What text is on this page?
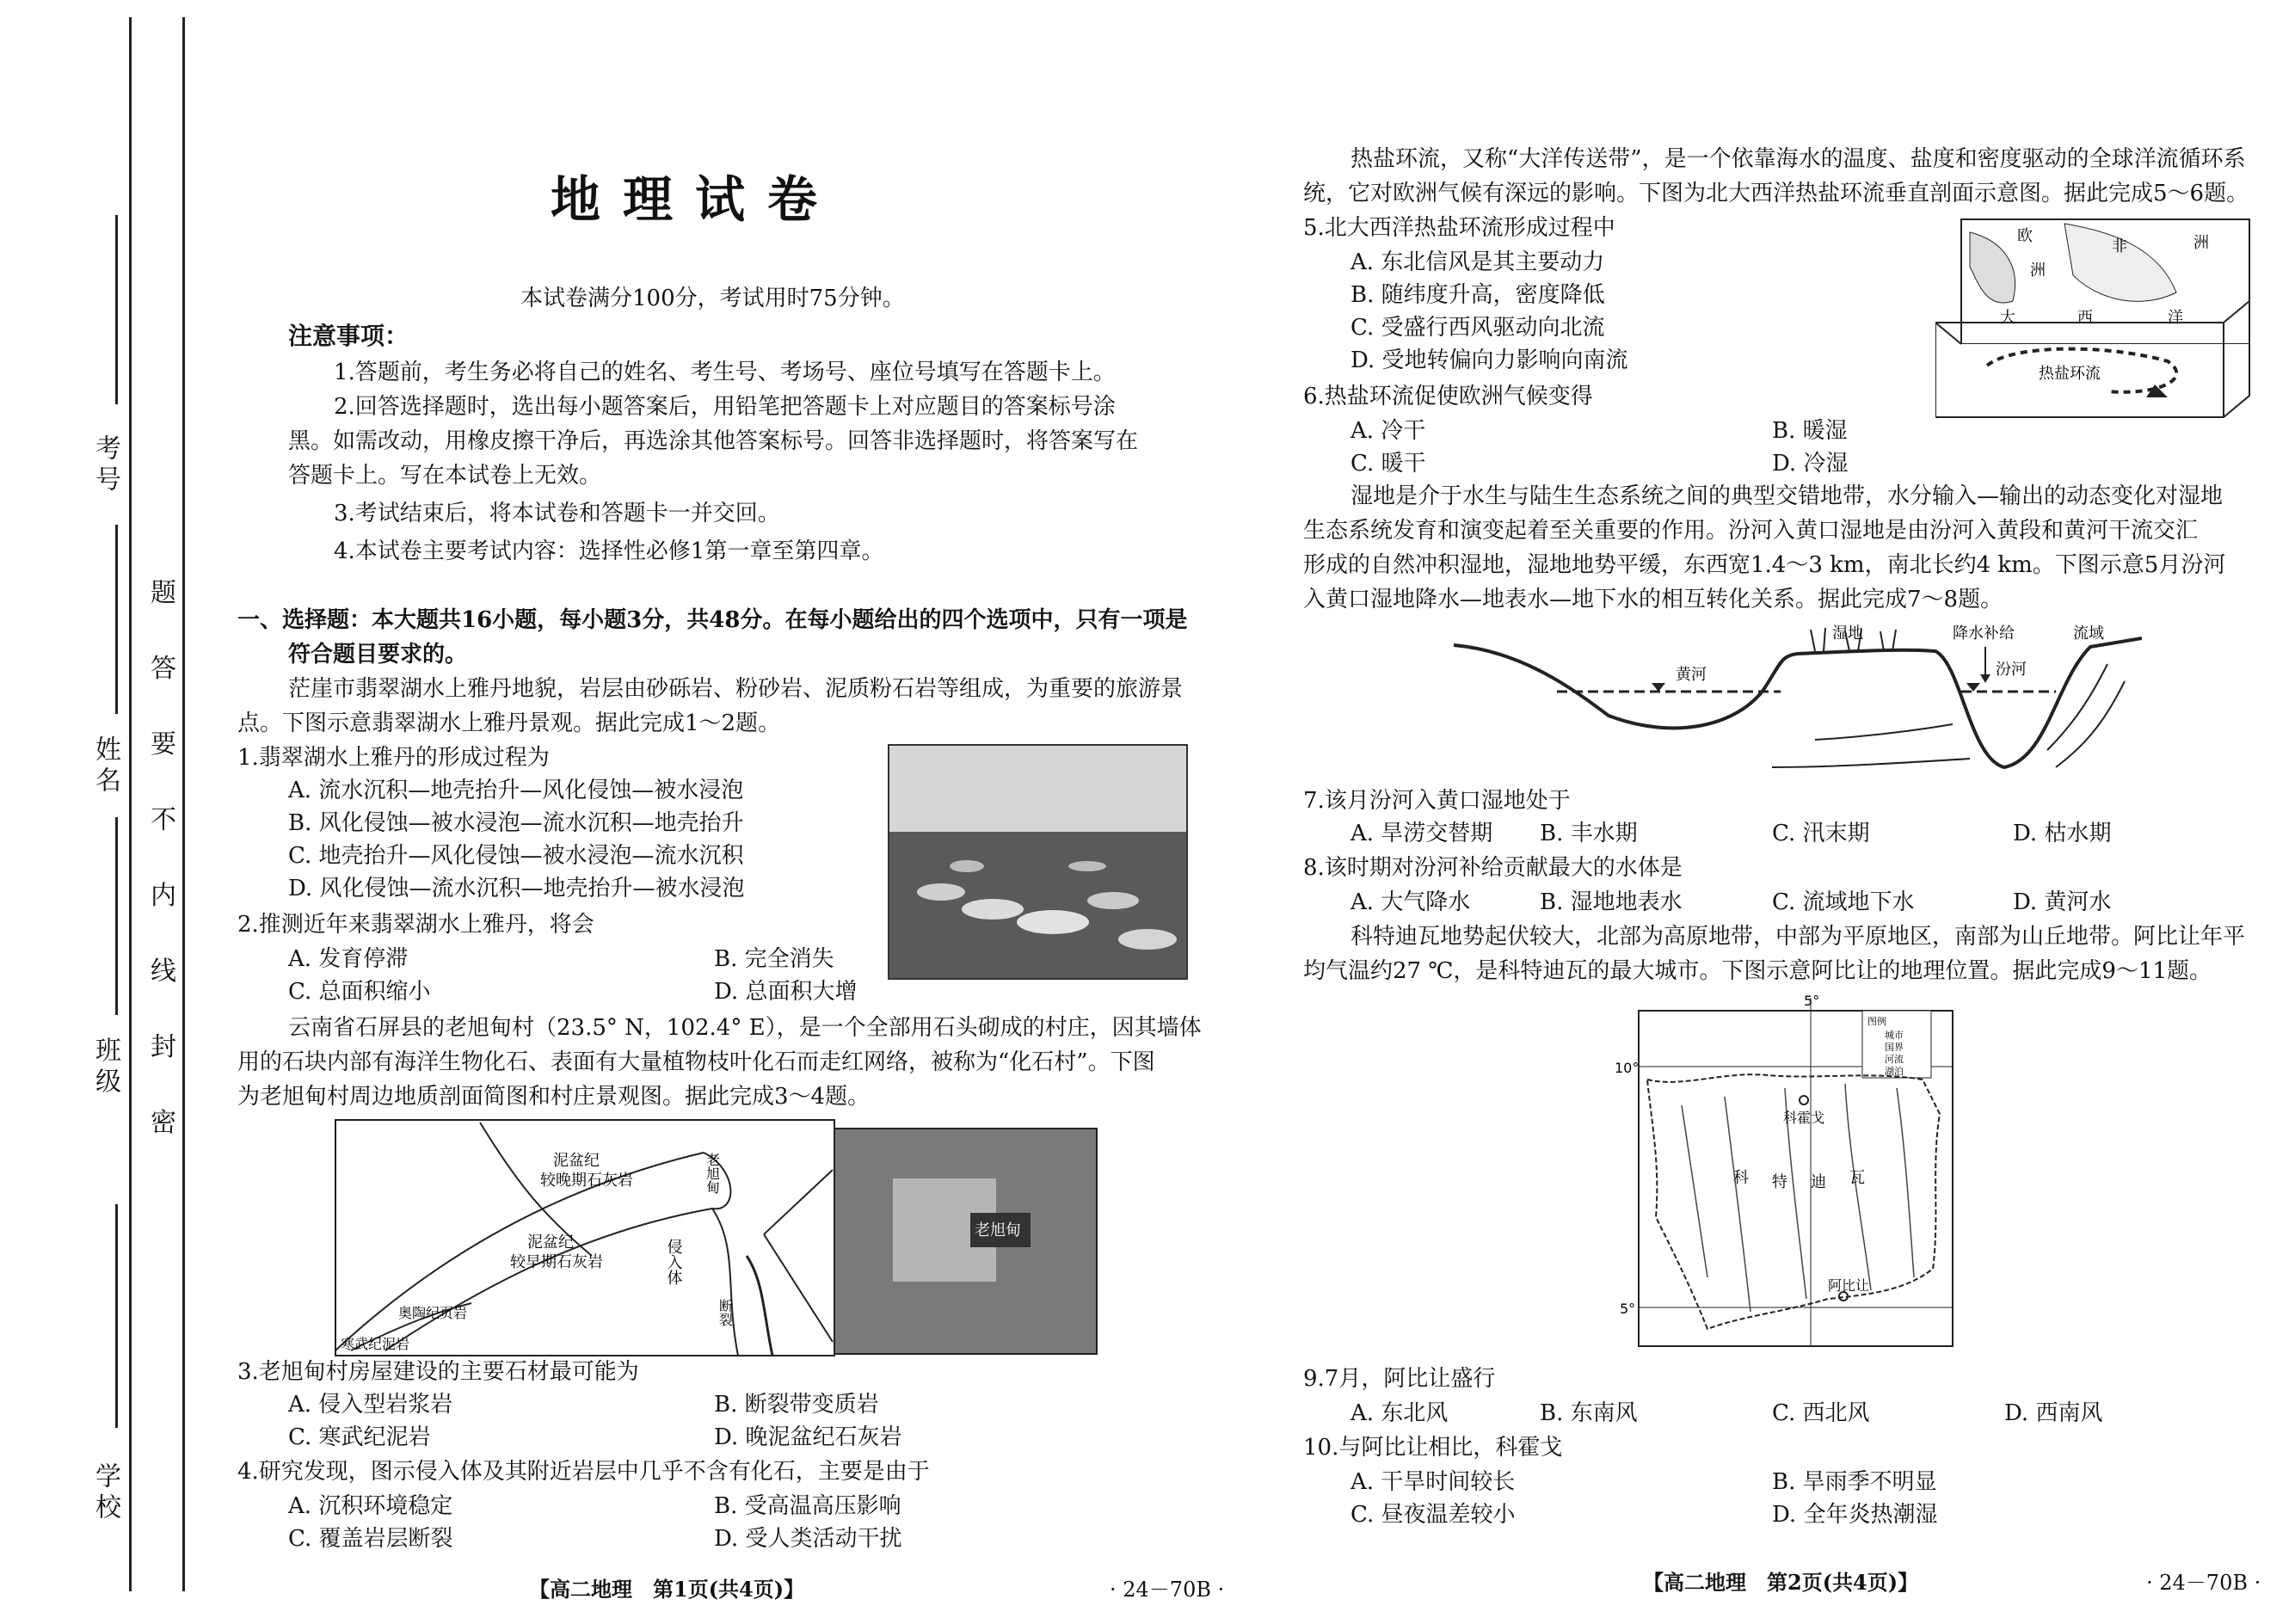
考号
姓名
班级
学校
题
答
要
不
内
线
封
密
地理试卷
本试卷满分100分，考试用时75分钟。
注意事项：
1.答题前，考生务必将自己的姓名、考生号、考场号、座位号填写在答题卡上。
2.回答选择题时，选出每小题答案后，用铅笔把答题卡上对应题目的答案标号涂
黑。如需改动，用橡皮擦干净后，再选涂其他答案标号。回答非选择题时，将答案写在
答题卡上。写在本试卷上无效。
3.考试结束后，将本试卷和答题卡一并交回。
4.本试卷主要考试内容：选择性必修1第一章至第四章。
一、选择题：本大题共16小题，每小题3分，共48分。在每小题给出的四个选项中，只有一项是
符合题目要求的。
茫崖市翡翠湖水上雅丹地貌，岩层由砂砾岩、粉砂岩、泥质粉石岩等组成，为重要的旅游景
点。下图示意翡翠湖水上雅丹景观。据此完成1～2题。
1.翡翠湖水上雅丹的形成过程为
A. 流水沉积—地壳抬升—风化侵蚀—被水浸泡
B. 风化侵蚀—被水浸泡—流水沉积—地壳抬升
C. 地壳抬升—风化侵蚀—被水浸泡—流水沉积
D. 风化侵蚀—流水沉积—地壳抬升—被水浸泡
2.推测近年来翡翠湖水上雅丹，将会
A. 发育停滞	B. 完全消失
C. 总面积缩小	D. 总面积大增
云南省石屏县的老旭甸村（23.5° N，102.4° E），是一个全部用石头砌成的村庄，因其墙体
用的石块内部有海洋生物化石、表面有大量植物枝叶化石而走红网络，被称为“化石村”。下图
为老旭甸村周边地质剖面简图和村庄景观图。据此完成3～4题。
泥盆纪
较晚期石灰岩
泥盆纪
较早期石灰岩	侵入体
奥陶纪页岩
寒武纪泥岩
老旭甸
断裂
老旭甸
3.老旭甸村房屋建设的主要石材最可能为
A. 侵入型岩浆岩	B. 断裂带变质岩
C. 寒武纪泥岩	D. 晚泥盆纪石灰岩
4.研究发现，图示侵入体及其附近岩层中几乎不含有化石，主要是由于
A. 沉积环境稳定	B. 受高温高压影响
C. 覆盖岩层断裂	D. 受人类活动干扰
【高二地理　第1页(共4页)】	· 24－70B ·
热盐环流，又称“大洋传送带”，是一个依靠海水的温度、盐度和密度驱动的全球洋流循环系
统，它对欧洲气候有深远的影响。下图为北大西洋热盐环流垂直剖面示意图。据此完成5～6题。
5.北大西洋热盐环流形成过程中
A. 东北信风是其主要动力
B. 随纬度升高，密度降低
C. 受盛行西风驱动向北流
D. 受地转偏向力影响向南流
欧
洲
非	洲
大	西	洋
热盐环流
6.热盐环流促使欧洲气候变得
A. 冷干	B. 暖湿
C. 暖干	D. 冷湿
湿地是介于水生与陆生生态系统之间的典型交错地带，水分输入—输出的动态变化对湿地
生态系统发育和演变起着至关重要的作用。汾河入黄口湿地是由汾河入黄段和黄河干流交汇
形成的自然冲积湿地，湿地地势平缓，东西宽1.4～3 km，南北长约4 km。下图示意5月汾河
入黄口湿地降水—地表水—地下水的相互转化关系。据此完成7～8题。
湿地	降水补给	流域
黄河	汾河
7.该月汾河入黄口湿地处于
A. 旱涝交替期 B. 丰水期	C. 汛末期	D. 枯水期
8.该时期对汾河补给贡献最大的水体是
A. 大气降水	B. 湿地地表水	C. 流域地下水	D. 黄河水
科特迪瓦地势起伏较大，北部为高原地带，中部为平原地区，南部为山丘地带。阿比让年平
均气温约27 ℃，是科特迪瓦的最大城市。下图示意阿比让的地理位置。据此完成9～11题。
10°
5°
5°
图例
城市
国界
河流
湖泊
科霍戈
阿比让
科 特 迪 瓦
9.7月，阿比让盛行
A. 东北风	B. 东南风	C. 西北风	D. 西南风
10.与阿比让相比，科霍戈
A. 干旱时间较长	B. 旱雨季不明显
C. 昼夜温差较小	D. 全年炎热潮湿
【高二地理　第2页(共4页)】	· 24－70B ·
